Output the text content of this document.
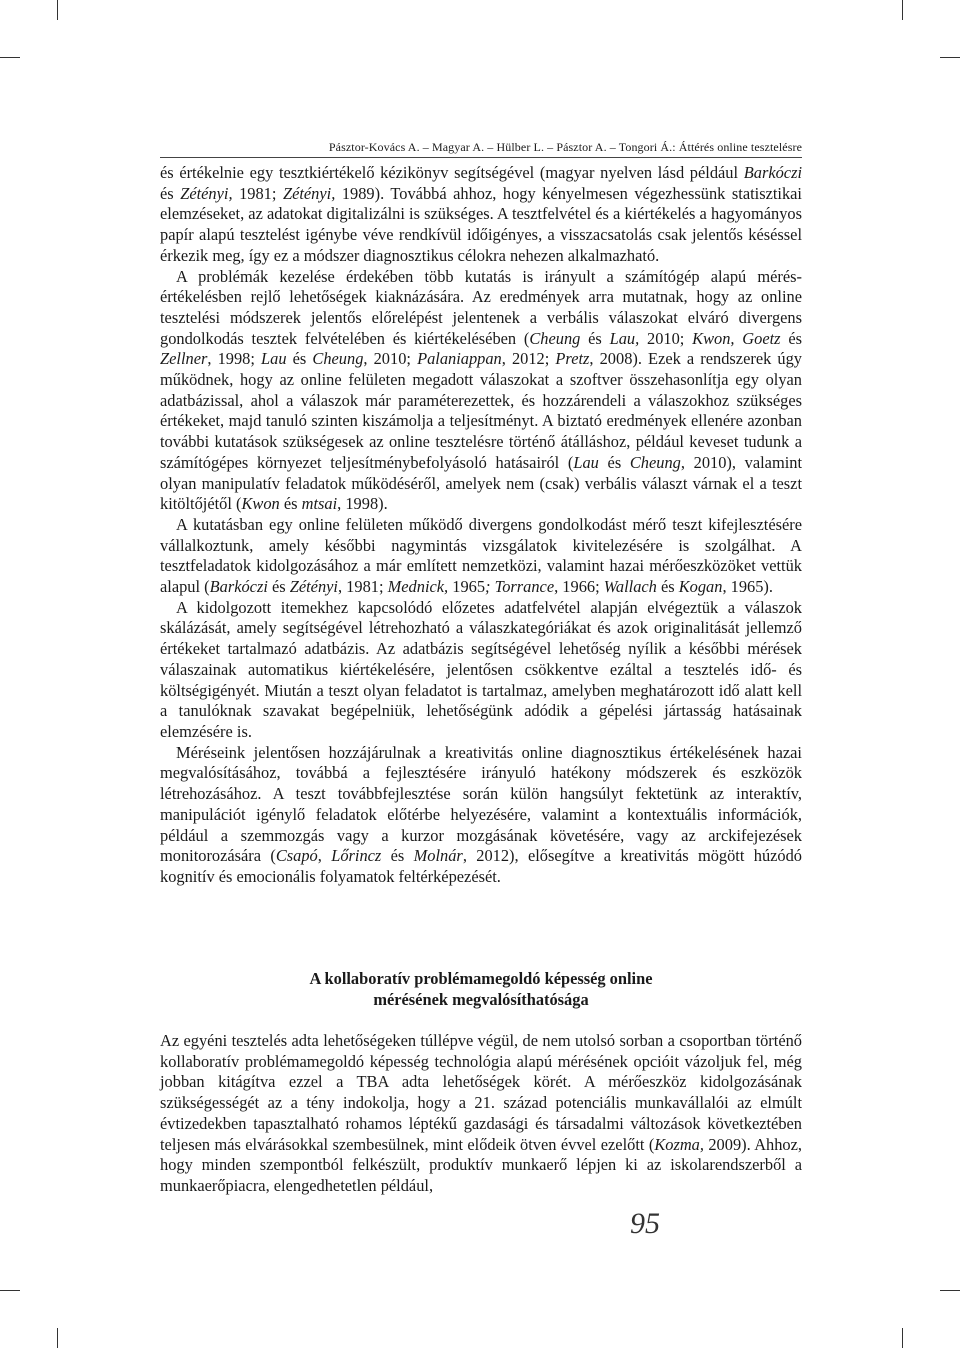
Pásztor-Kovács A. – Magyar A. – Hülber L. – Pásztor A. – Tongori Á.: Áttérés online tesztelésre

és értékelnie egy tesztkiértékelő kézikönyv segítségével (magyar nyelven lásd például Barkóczi és Zétényi, 1981; Zétényi, 1989). Továbbá ahhoz, hogy kényelmesen végezhessünk statisztikai elemzéseket, az adatokat digitalizálni is szükséges. A tesztfelvétel és a kiértékelés a hagyományos papír alapú tesztelést igénybe véve rendkívül időigényes, a visszacsatolás csak jelentős késéssel érkezik meg, így ez a módszer diagnosztikus célokra nehezen alkalmazható.

A problémák kezelése érdekében több kutatás is irányult a számítógép alapú mérés-értékelésben rejlő lehetőségek kiaknázására. Az eredmények arra mutatnak, hogy az online tesztelési módszerek jelentős előrelépést jelentenek a verbális válaszokat elváró divergens gondolkodás tesztek felvételében és kiértékelésében (Cheung és Lau, 2010; Kwon, Goetz és Zellner, 1998; Lau és Cheung, 2010; Palaniappan, 2012; Pretz, 2008). Ezek a rendszerek úgy működnek, hogy az online felületen megadott válaszokat a szoftver összehasonlítja egy olyan adatbázissal, ahol a válaszok már paraméterezettek, és hozzárendeli a válaszokhoz szükséges értékeket, majd tanuló szinten kiszámolja a teljesítményt. A biztató eredmények ellenére azonban további kutatások szükségesek az online tesztelésre történő átálláshoz, például keveset tudunk a számítógépes környezet teljesítménybefolyásoló hatásairól (Lau és Cheung, 2010), valamint olyan manipulatív feladatok működéséről, amelyek nem (csak) verbális választ várnak el a teszt kitöltőjétől (Kwon és mtsai, 1998).

A kutatásban egy online felületen működő divergens gondolkodást mérő teszt kifejlesztésére vállalkoztunk, amely későbbi nagymintás vizsgálatok kivitelezésére is szolgálhat. A tesztfeladatok kidolgozásához a már említett nemzetközi, valamint hazai mérőeszközöket vettük alapul (Barkóczi és Zétényi, 1981; Mednick, 1965; Torrance, 1966; Wallach és Kogan, 1965).

A kidolgozott itemekhez kapcsolódó előzetes adatfelvétel alapján elvégeztük a válaszok skálázását, amely segítségével létrehozható a válaszkategóriákat és azok originalitását jellemző értékeket tartalmazó adatbázis. Az adatbázis segítségével lehetőség nyílik a későbbi mérések válaszainak automatikus kiértékelésére, jelentősen csökkentve ezáltal a tesztelés idő- és költségigényét. Miután a teszt olyan feladatot is tartalmaz, amelyben meghatározott idő alatt kell a tanulóknak szavakat begépelniük, lehetőségünk adódik a gépelési jártasság hatásainak elemzésére is.

Méréseink jelentősen hozzájárulnak a kreativitás online diagnosztikus értékelésének hazai megvalósításához, továbbá a fejlesztésére irányuló hatékony módszerek és eszközök létrehozásához. A teszt továbbfejlesztése során külön hangsúlyt fektetünk az interaktív, manipulációt igénylő feladatok előtérbe helyezésére, valamint a kontextuális információk, például a szemmozgás vagy a kurzor mozgásának követésére, vagy az arckifejezések monitorozására (Csapó, Lőrincz és Molnár, 2012), elősegítve a kreativitás mögött húzódó kognitív és emocionális folyamatok feltérképezését.

A kollaboratív problémamegoldó képesség online
mérésének megvalósíthatósága

Az egyéni tesztelés adta lehetőségeken túllépve végül, de nem utolsó sorban a csoportban történő kollaboratív problémamegoldó képesség technológia alapú mérésének opcióit vázoljuk fel, még jobban kitágítva ezzel a TBA adta lehetőségek körét. A mérőeszköz kidolgozásának szükségességét az a tény indokolja, hogy a 21. század potenciális munkavállalói az elmúlt évtizedekben tapasztalható rohamos léptékű gazdasági és társadalmi változások következtében teljesen más elvárásokkal szembesülnek, mint elődeik ötven évvel ezelőtt (Kozma, 2009). Ahhoz, hogy minden szempontból felkészült, produktív munkaerő lépjen ki az iskolarendszerből a munkaerőpiacra, elengedhetetlen például,

95
